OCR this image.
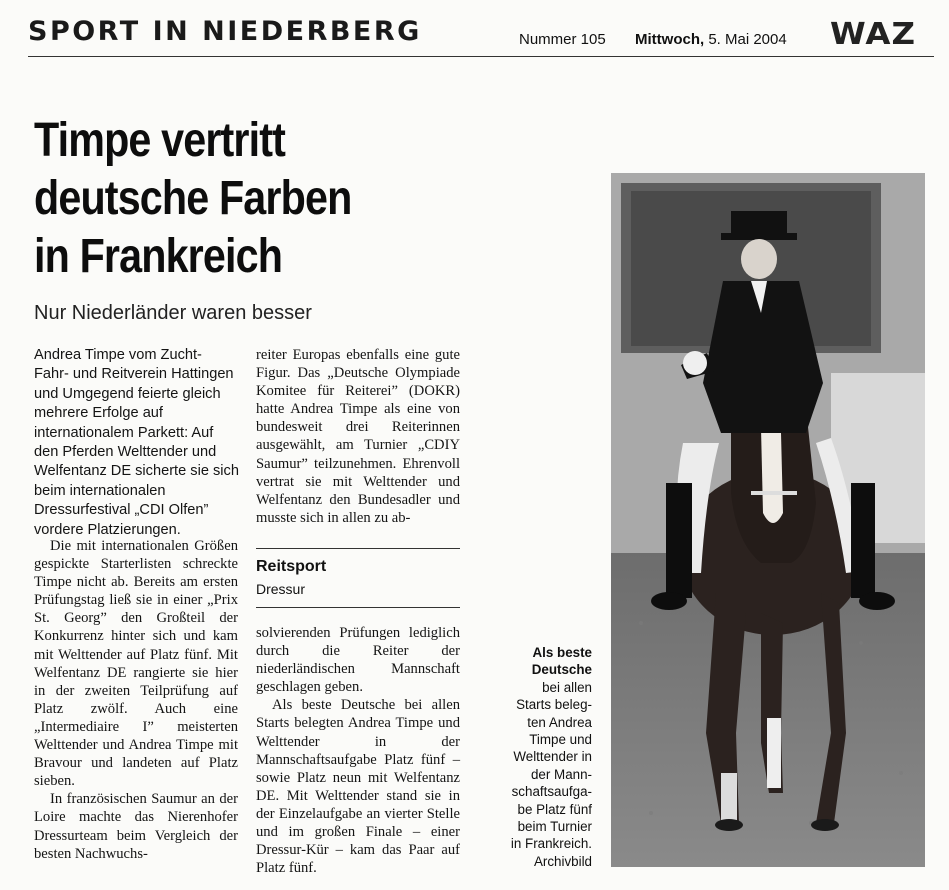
SPORT IN NIEDERBERG	Nummer 105 Mittwoch, 5. Mai 2004 WAZ
Timpe vertritt
deutsche Farben
in Frankreich
Nur Niederländer waren besser
Andrea Timpe vom Zucht- Fahr- und Reitverein Hattingen und Umgegend feierte gleich mehrere Erfolge auf internationalem Parkett: Auf den Pferden Welttender und Welfentanz DE sicherte sie sich beim internationalen Dressurfestival „CDI Olfen” vordere Platzierungen.

Die mit internationalen Größen gespickte Starterlisten schreckte Timpe nicht ab. Bereits am ersten Prüfungstag ließ sie in einer „Prix St. Georg” den Großteil der Konkurrenz hinter sich und kam mit Welttender auf Platz fünf. Mit Welfentanz DE rangierte sie hier in der zweiten Teilprüfung auf Platz zwölf. Auch eine „Intermediaire I” meisterten Welttender und Andrea Timpe mit Bravour und landeten auf Platz sieben.

In französischen Saumur an der Loire machte das Nierenhofer Dressurteam beim Vergleich der besten Nachwuchs-

reiter Europas ebenfalls eine gute Figur. Das „Deutsche Olympiade Komitee für Reiterei” (DOKR) hatte Andrea Timpe als eine von bundesweit drei Reiterinnen ausgewählt, am Turnier „CDIY Saumur” teilzunehmen. Ehrenvoll vertrat sie mit Welttender und Welfentanz den Bundesadler und musste sich in allen zu ab-

Reitsport
Dressur

solvierenden Prüfungen lediglich durch die Reiter der niederländischen Mannschaft geschlagen geben.

Als beste Deutsche bei allen Starts belegten Andrea Timpe und Welttender in der Mannschaftsaufgabe Platz fünf – sowie Platz neun mit Welfentanz DE. Mit Welttender stand sie in der Einzelaufgabe an vierter Stelle und im großen Finale – einer Dressur-Kür – kam das Paar auf Platz fünf.

Als beste Deutsche
bei allen
Starts beleg-
ten Andrea
Timpe und
Welttender in
der Mann-
schaftsaufga-
be Platz fünf
beim Turnier
in Frankreich.
Archivbild
